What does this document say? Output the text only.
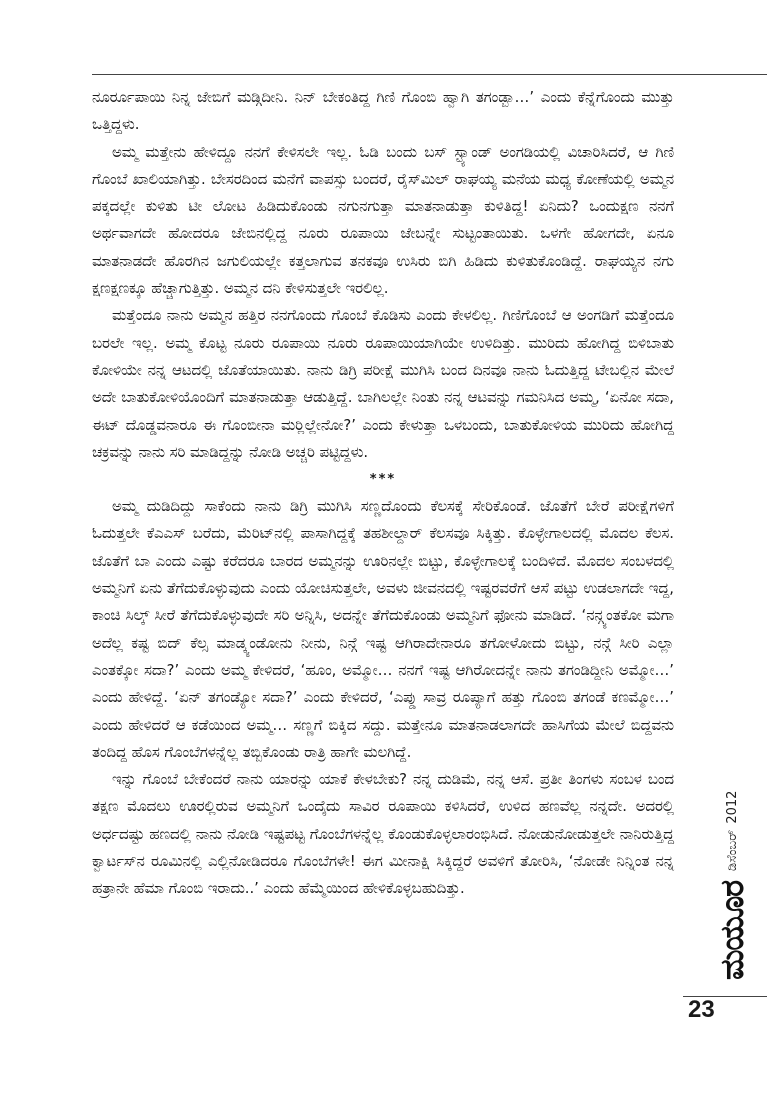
ನೂರ್ರೂಪಾಯಿ ನಿನ್ನ ಜೇಬಿಗೆ ಮಡ್ಗಿದೀನಿ. ನಿನ್ ಬೇಕಂತಿದ್ದ ಗಿಣಿ ಗೊಂಬಿ ಹ್ವಾಗಿ ತಗಂಡ್ಬಾ…’ ಎಂದು ಕೆನ್ನೆಗೊಂದು ಮುತ್ತು ಒತ್ತಿದ್ದಳು.

ಅಮ್ಮ ಮತ್ತೇನು ಹೇಳಿದ್ದೂ ನನಗೆ ಕೇಳಿಸಲೇ ಇಲ್ಲ. ಓಡಿ ಬಂದು ಬಸ್ ಸ್ಟ್ಯಾಂಡ್ ಅಂಗಡಿಯಲ್ಲಿ ವಿಚಾರಿಸಿದರೆ, ಆ ಗಿಣಿ ಗೊಂಬೆ ಖಾಲಿಯಾಗಿತ್ತು. ಬೇಸರದಿಂದ ಮನೆಗೆ ವಾಪಸ್ಸು ಬಂದರೆ, ರೈಸ್‌ಮಿಲ್ ರಾಘಯ್ಯ ಮನೆಯ ಮಧ್ಯ ಕೋಣೆಯಲ್ಲಿ ಅಮ್ಮನ ಪಕ್ಕದಲ್ಲೇ ಕುಳಿತು ಟೀ ಲೋಟ ಹಿಡಿದುಕೊಂಡು ನಗುನಗುತ್ತಾ ಮಾತನಾಡುತ್ತಾ ಕುಳಿತಿದ್ದ! ಏನಿದು? ಒಂದುಕ್ಷಣ ನನಗೆ ಅರ್ಥವಾಗದೇ ಹೋದರೂ ಜೇಬಿನಲ್ಲಿದ್ದ ನೂರು ರೂಪಾಯಿ ಜೇಬನ್ನೇ ಸುಟ್ಟಂತಾಯಿತು. ಒಳಗೇ ಹೋಗದೇ, ಏನೂ ಮಾತನಾಡದೇ ಹೊರಗಿನ ಜಗುಲಿಯಲ್ಲೇ ಕತ್ತಲಾಗುವ ತನಕವೂ ಉಸಿರು ಬಿಗಿ ಹಿಡಿದು ಕುಳಿತುಕೊಂಡಿದ್ದೆ. ರಾಘಯ್ಯನ ನಗು ಕ್ಷಣಕ್ಷಣಕ್ಕೂ ಹೆಚ್ಚಾಗುತ್ತಿತ್ತು. ಅಮ್ಮನ ದನಿ ಕೇಳಿಸುತ್ತಲೇ ಇರಲಿಲ್ಲ.

ಮತ್ತೆಂದೂ ನಾನು ಅಮ್ಮನ ಹತ್ತಿರ ನನಗೊಂದು ಗೊಂಬೆ ಕೊಡಿಸು ಎಂದು ಕೇಳಲಿಲ್ಲ. ಗಿಣಿಗೊಂಬೆ ಆ ಅಂಗಡಿಗೆ ಮತ್ತೆಂದೂ ಬರಲೇ ಇಲ್ಲ. ಅಮ್ಮ ಕೊಟ್ಟ ನೂರು ರೂಪಾಯಿ ನೂರು ರೂಪಾಯಿಯಾಗಿಯೇ ಉಳಿದಿತ್ತು. ಮುರಿದು ಹೋಗಿದ್ದ ಬಿಳಿಬಾತು ಕೋಳಿಯೇ ನನ್ನ ಆಟದಲ್ಲಿ ಜೊತೆಯಾಯಿತು. ನಾನು ಡಿಗ್ರಿ ಪರೀಕ್ಷೆ ಮುಗಿಸಿ ಬಂದ ದಿನವೂ ನಾನು ಓದುತ್ತಿದ್ದ ಟೇಬಲ್ಲಿನ ಮೇಲೆ ಅದೇ ಬಾತುಕೋಳಿಯೊಂದಿಗೆ ಮಾತನಾಡುತ್ತಾ ಆಡುತ್ತಿದ್ದೆ. ಬಾಗಿಲಲ್ಲೇ ನಿಂತು ನನ್ನ ಆಟವನ್ನು ಗಮನಿಸಿದ ಅಮ್ಮ, ‘ಏನೋ ಸದಾ, ಈಟ್ ದೊಡ್ಡವನಾರೂ ಈ ಗೊಂಬೀನಾ ಮರ್‍ಲಿಲ್ಲೇನೋ?’ ಎಂದು ಕೇಳುತ್ತಾ ಒಳಬಂದು, ಬಾತುಕೋಳಿಯ ಮುರಿದು ಹೋಗಿದ್ದ ಚಕ್ರವನ್ನು ನಾನು ಸರಿ ಮಾಡಿದ್ದನ್ನು ನೋಡಿ ಅಚ್ಚರಿ ಪಟ್ಟಿದ್ದಳು.

***

ಅಮ್ಮ ದುಡಿದಿದ್ದು ಸಾಕೆಂದು ನಾನು ಡಿಗ್ರಿ ಮುಗಿಸಿ ಸಣ್ಣದೊಂದು ಕೆಲಸಕ್ಕೆ ಸೇರಿಕೊಂಡೆ. ಜೊತೆಗೆ ಬೇರೆ ಪರೀಕ್ಷೆಗಳಿಗೆ ಓದುತ್ತಲೇ ಕೆಎಎಸ್ ಬರೆದು, ಮೆರಿಟ್‌ನಲ್ಲಿ ಪಾಸಾಗಿದ್ದಕ್ಕೆ ತಹಶೀಲ್ದಾರ್ ಕೆಲಸವೂ ಸಿಕ್ಕಿತ್ತು. ಕೊಳ್ಳೇಗಾಲದಲ್ಲಿ ಮೊದಲ ಕೆಲಸ. ಜೊತೆಗೆ ಬಾ ಎಂದು ಎಷ್ಟು ಕರೆದರೂ ಬಾರದ ಅಮ್ಮನನ್ನು ಊರಿನಲ್ಲೇ ಬಿಟ್ಟು, ಕೊಳ್ಳೇಗಾಲಕ್ಕೆ ಬಂದಿಳಿದೆ. ಮೊದಲ ಸಂಬಳದಲ್ಲಿ ಅಮ್ಮನಿಗೆ ಏನು ತೆಗೆದುಕೊಳ್ಳುವುದು ಎಂದು ಯೋಚಿಸುತ್ತಲೇ, ಅವಳು ಜೀವನದಲ್ಲಿ ಇಷ್ಟರವರೆಗೆ ಆಸೆ ಪಟ್ಟು ಉಡಲಾಗದೇ ಇದ್ದ, ಕಾಂಚಿ ಸಿಲ್ಕ್ ಸೀರೆ ತೆಗೆದುಕೊಳ್ಳುವುದೇ ಸರಿ ಅನ್ನಿಸಿ, ಅದನ್ನೇ ತೆಗೆದುಕೊಂಡು ಅಮ್ಮನಿಗೆ ಫೋನು ಮಾಡಿದೆ. ‘ನನ್ಗ್ಯಂತಕೋ ಮಗಾ ಅದೆಲ್ಲ ಕಷ್ಟ ಬಿದ್ ಕೆಲ್ಸ ಮಾಡ್ಕ್ಯಂಡೋನು ನೀನು, ನಿನ್ಗೆ ಇಷ್ಟ ಆಗಿರಾದೇನಾರೂ ತಗೋಳೋದು ಬಿಟ್ಟು, ನನ್ಗೆ ಸೀರಿ ಎಲ್ಲಾ ಎಂತಕ್ಕೋ ಸದಾ?’ ಎಂದು ಅಮ್ಮ ಕೇಳಿದರೆ, ‘ಹೂಂ, ಅಮ್ಮೋ… ನನಗೆ ಇಷ್ಟ ಆಗಿರೋದನ್ನೇ ನಾನು ತಗಂಡಿದ್ದೀನಿ ಅಮ್ಮೋ…’ ಎಂದು ಹೇಳಿದ್ದೆ. ‘ಏನ್ ತಗಂಡ್ಯೋ ಸದಾ?’ ಎಂದು ಕೇಳಿದರೆ, ‘ಎಪ್ಡು ಸಾವ್ರ ರೂಪ್ಯಾಗೆ ಹತ್ತು ಗೊಂಬಿ ತಗಂಡೆ ಕಣಮ್ಮೋ…’ ಎಂದು ಹೇಳಿದರೆ ಆ ಕಡೆಯಿಂದ ಅಮ್ಮ… ಸಣ್ಣಗೆ ಬಿಕ್ಕಿದ ಸದ್ದು. ಮತ್ತೇನೂ ಮಾತನಾಡಲಾಗದೇ ಹಾಸಿಗೆಯ ಮೇಲೆ ಬಿದ್ದವನು ತಂದಿದ್ದ ಹೊಸ ಗೊಂಬೆಗಳನ್ನೆಲ್ಲ ತಬ್ಬಿಕೊಂಡು ರಾತ್ರಿ ಹಾಗೇ ಮಲಗಿದ್ದೆ.

ಇನ್ನು ಗೊಂಬೆ ಬೇಕೆಂದರೆ ನಾನು ಯಾರನ್ನು ಯಾಕೆ ಕೇಳಬೇಕು? ನನ್ನ ದುಡಿಮೆ, ನನ್ನ ಆಸೆ. ಪ್ರತೀ ತಿಂಗಳು ಸಂಬಳ ಬಂದ ತಕ್ಷಣ ಮೊದಲು ಊರಲ್ಲಿರುವ ಅಮ್ಮನಿಗೆ ಒಂದೈದು ಸಾವಿರ ರೂಪಾಯಿ ಕಳಿಸಿದರೆ, ಉಳಿದ ಹಣವೆಲ್ಲ ನನ್ನದೇ. ಅದರಲ್ಲಿ ಅರ್ಧದಷ್ಟು ಹಣದಲ್ಲಿ ನಾನು ನೋಡಿ ಇಷ್ಟಪಟ್ಟ ಗೊಂಬೆಗಳನ್ನೆಲ್ಲ ಕೊಂಡುಕೊಳ್ಳಲಾರಂಭಿಸಿದೆ. ನೋಡುನೋಡುತ್ತಲೇ ನಾನಿರುತ್ತಿದ್ದ ಕ್ವಾರ್ಟಸ್‌ನ ರೂಮಿನಲ್ಲಿ ಎಲ್ಲಿನೋಡಿದರೂ ಗೊಂಬೆಗಳೇ! ಈಗ ಮೀನಾಕ್ಷಿ ಸಿಕ್ಕಿದ್ದರೆ ಅವಳಿಗೆ ತೋರಿಸಿ, ‘ನೋಡೇ ನಿನ್ನಿಂತ ನನ್ನ ಹತ್ರಾನೇ ಹೆಮಾ ಗೊಂಬಿ ಇರಾದು..’ ಎಂದು ಹೆಮ್ಮೆಯಿಂದ ಹೇಳಿಕೊಳ್ಳಬಹುದಿತ್ತು.	ಮಯೂರ
ಡಿಸೆಂಬರ್
2012
23
